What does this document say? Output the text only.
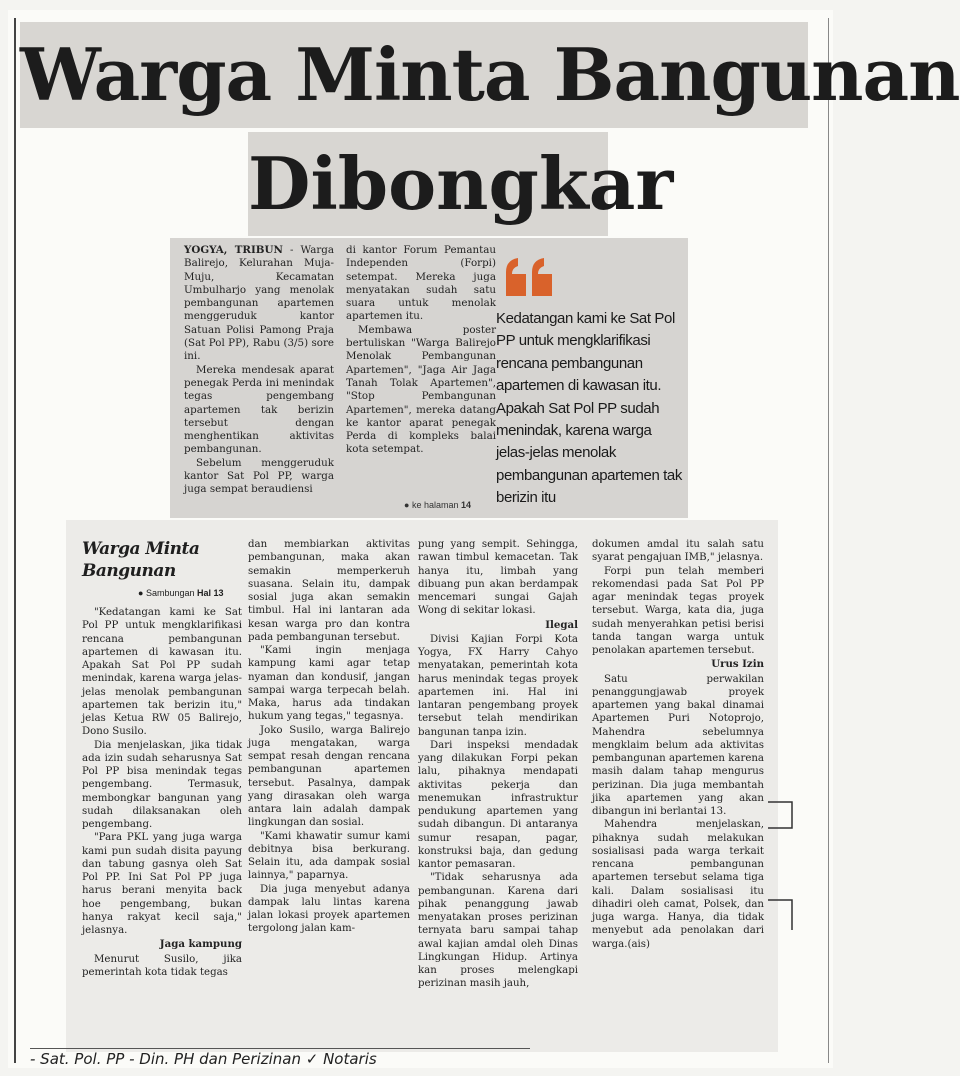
Warga Minta Bangunan
Dibongkar

YOGYA, TRIBUN - Warga Balirejo, Kelurahan Muja-Muju, Kecamatan Umbulharjo yang menolak pembangunan apartemen menggeruduk kantor Satuan Polisi Pamong Praja (Sat Pol PP), Rabu (3/5) sore ini.

Mereka mendesak aparat penegak Perda ini menindak tegas pengembang apartemen tak berizin tersebut dengan menghentikan aktivitas pembangunan.

Sebelum menggeruduk kantor Sat Pol PP, warga juga sempat beraudiensi

di kantor Forum Pemantau Independen (Forpi) setempat. Mereka juga menyatakan sudah satu suara untuk menolak apartemen itu.

Membawa poster bertuliskan "Warga Balirejo Menolak Pembangunan Apartemen", "Jaga Air Jaga Tanah Tolak Apartemen", "Stop Pembangunan Apartemen", mereka datang ke kantor aparat penegak Perda di kompleks balai kota setempat.

Kedatangan kami ke Sat Pol PP untuk mengklarifikasi rencana pembangunan apartemen di kawasan itu. Apakah Sat Pol PP sudah menindak, karena warga jelas-jelas menolak pembangunan apartemen tak berizin itu
● ke halaman 14
Warga Minta Bangunan
● Sambungan Hal 13

"Kedatangan kami ke Sat Pol PP untuk mengklarifikasi rencana pembangunan apartemen di kawasan itu. Apakah Sat Pol PP sudah menindak, karena warga jelas-jelas menolak pembangunan apartemen tak berizin itu," jelas Ketua RW 05 Balirejo, Dono Susilo.

Dia menjelaskan, jika tidak ada izin sudah seharusnya Sat Pol PP bisa menindak tegas pengembang. Termasuk, membongkar bangunan yang sudah dilaksanakan oleh pengembang.

"Para PKL yang juga warga kami pun sudah disita payung dan tabung gasnya oleh Sat Pol PP. Ini Sat Pol PP juga harus berani menyita back hoe pengembang, bukan hanya rakyat kecil saja," jelasnya.

Jaga kampung

Menurut Susilo, jika pemerintah kota tidak tegas

dan membiarkan aktivitas pembangunan, maka akan semakin memperkeruh suasana. Selain itu, dampak sosial juga akan semakin timbul. Hal ini lantaran ada kesan warga pro dan kontra pada pembangunan tersebut.

"Kami ingin menjaga kampung kami agar tetap nyaman dan kondusif, jangan sampai warga terpecah belah. Maka, harus ada tindakan hukum yang tegas," tegasnya.

Joko Susilo, warga Balirejo juga mengatakan, warga sempat resah dengan rencana pembangunan apartemen tersebut. Pasalnya, dampak yang dirasakan oleh warga antara lain adalah dampak lingkungan dan sosial.

"Kami khawatir sumur kami debitnya bisa berkurang. Selain itu, ada dampak sosial lainnya," paparnya.

Dia juga menyebut adanya dampak lalu lintas karena jalan lokasi proyek apartemen tergolong jalan kam-

pung yang sempit. Sehingga, rawan timbul kemacetan. Tak hanya itu, limbah yang dibuang pun akan berdampak mencemari sungai Gajah Wong di sekitar lokasi.

Ilegal

Divisi Kajian Forpi Kota Yogya, FX Harry Cahyo menyatakan, pemerintah kota harus menindak tegas proyek apartemen ini. Hal ini lantaran pengembang proyek tersebut telah mendirikan bangunan tanpa izin.

Dari inspeksi mendadak yang dilakukan Forpi pekan lalu, pihaknya mendapati aktivitas pekerja dan menemukan infrastruktur pendukung apartemen yang sudah dibangun. Di antaranya sumur resapan, pagar, konstruksi baja, dan gedung kantor pemasaran.

"Tidak seharusnya ada pembangunan. Karena dari pihak penanggung jawab menyatakan proses perizinan ternyata baru sampai tahap awal kajian amdal oleh Dinas Lingkungan Hidup. Artinya kan proses melengkapi perizinan masih jauh,

dokumen amdal itu salah satu syarat pengajuan IMB," jelasnya.

Forpi pun telah memberi rekomendasi pada Sat Pol PP agar menindak tegas proyek tersebut. Warga, kata dia, juga sudah menyerahkan petisi berisi tanda tangan warga untuk penolakan apartemen tersebut.

Urus Izin

Satu perwakilan penanggungjawab proyek apartemen yang bakal dinamai Apartemen Puri Notoprojo, Mahendra sebelumnya mengklaim belum ada aktivitas pembangunan apartemen karena masih dalam tahap mengurus perizinan. Dia juga membantah jika apartemen yang akan dibangun ini berlantai 13.

Mahendra menjelaskan, pihaknya sudah melakukan sosialisasi pada warga terkait rencana pembangunan apartemen tersebut selama tiga kali. Dalam sosialisasi itu dihadiri oleh camat, Polsek, dan juga warga. Hanya, dia tidak menyebut ada penolakan dari warga.(ais)

- Sat. Pol. PP - Din. PH dan Perizinan ✓ Notaris
